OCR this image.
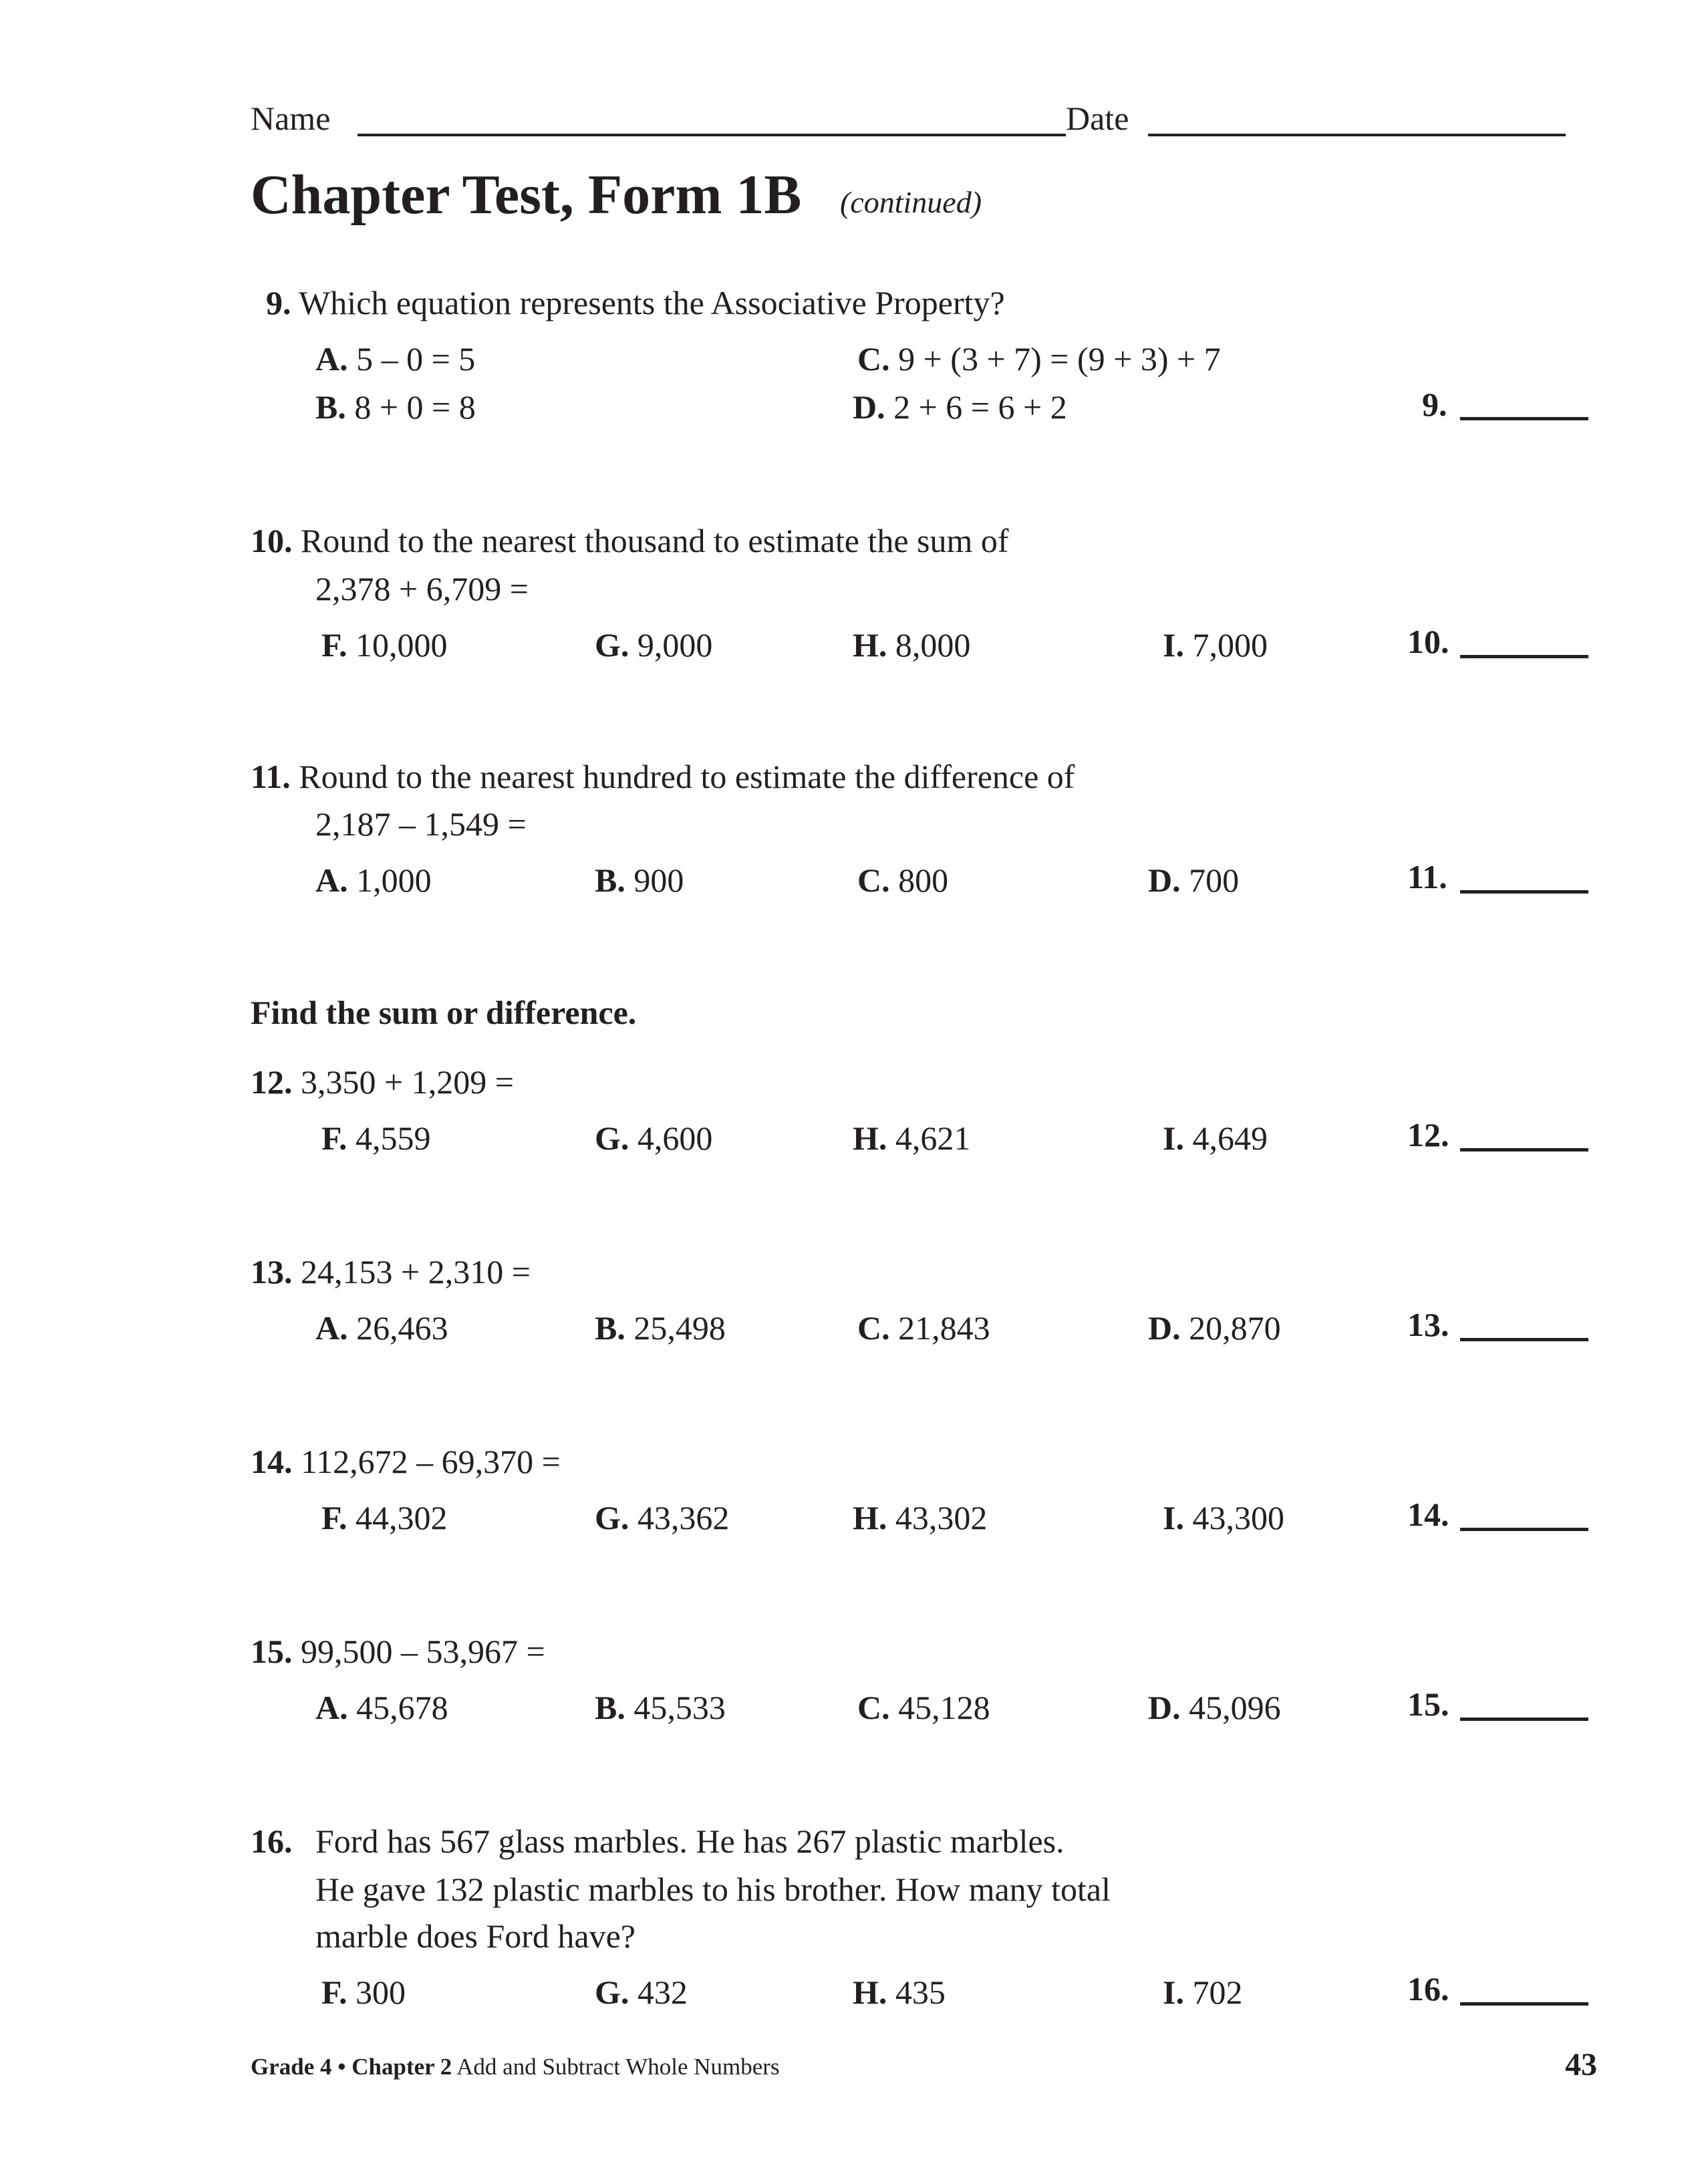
Name	Date
Chapter Test, Form 1B (continued)
9. Which equation represents the Associative Property?
A. 5 – 0 = 5	C. 9 + (3 + 7) = (9 + 3) + 7
B. 8 + 0 = 8	D. 2 + 6 = 6 + 2	9.
10. Round to the nearest thousand to estimate the sum of
2,378 + 6,709 =
F. 10,000	G. 9,000	H. 8,000	I. 7,000	10.
11. Round to the nearest hundred to estimate the difference of
2,187 – 1,549 =
A. 1,000	B. 900	C. 800	D. 700	11.
Find the sum or difference.
12. 3,350 + 1,209 =
F. 4,559	G. 4,600	H. 4,621	I. 4,649	12.
13. 24,153 + 2,310 =
A. 26,463	B. 25,498	C. 21,843	D. 20,870	13.
14. 112,672 – 69,370 =
F. 44,302	G. 43,362	H. 43,302	I. 43,300	14.
15. 99,500 – 53,967 =
A. 45,678	B. 45,533	C. 45,128	D. 45,096	15.
16. Ford has 567 glass marbles. He has 267 plastic marbles.
He gave 132 plastic marbles to his brother. How many total
marble does Ford have?
F. 300	G. 432	H. 435	I. 702	16.
Grade 4 • Chapter 2 Add and Subtract Whole Numbers	43
